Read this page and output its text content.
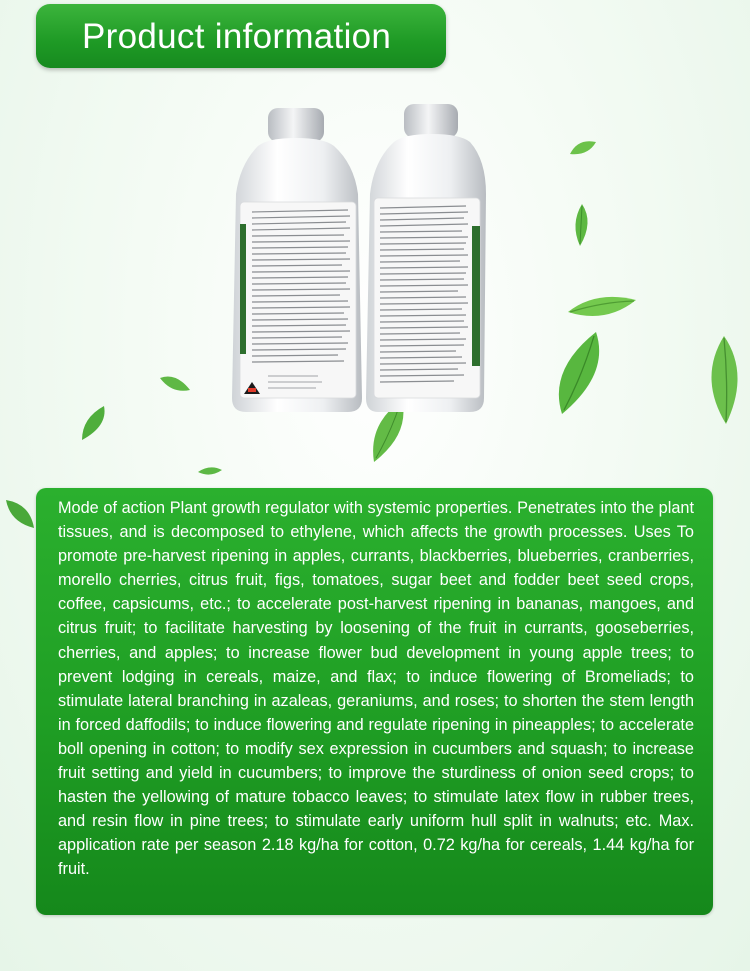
Product information
Mode of action Plant growth regulator with systemic properties. Penetrates into the plant tissues, and is decomposed to ethylene, which affects the growth processes. Uses To promote pre-harvest ripening in apples, currants, blackberries, blueberries, cranberries, morello cherries, citrus fruit, figs, tomatoes, sugar beet and fodder beet seed crops, coffee, capsicums, etc.; to accelerate post-harvest ripening in bananas, mangoes, and citrus fruit; to facilitate harvesting by loosening of the fruit in currants, gooseberries, cherries, and apples; to increase flower bud development in young apple trees; to prevent lodging in cereals, maize, and flax; to induce flowering of Bromeliads; to stimulate lateral branching in azaleas, geraniums, and roses; to shorten the stem length in forced daffodils; to induce flowering and regulate ripening in pineapples; to accelerate boll opening in cotton; to modify sex expression in cucumbers and squash; to increase fruit setting and yield in cucumbers; to improve the sturdiness of onion seed crops; to hasten the yellowing of mature tobacco leaves; to stimulate latex flow in rubber trees, and resin flow in pine trees; to stimulate early uniform hull split in walnuts; etc. Max. application rate per season 2.18 kg/ha for cotton, 0.72 kg/ha for cereals, 1.44 kg/ha for fruit.
